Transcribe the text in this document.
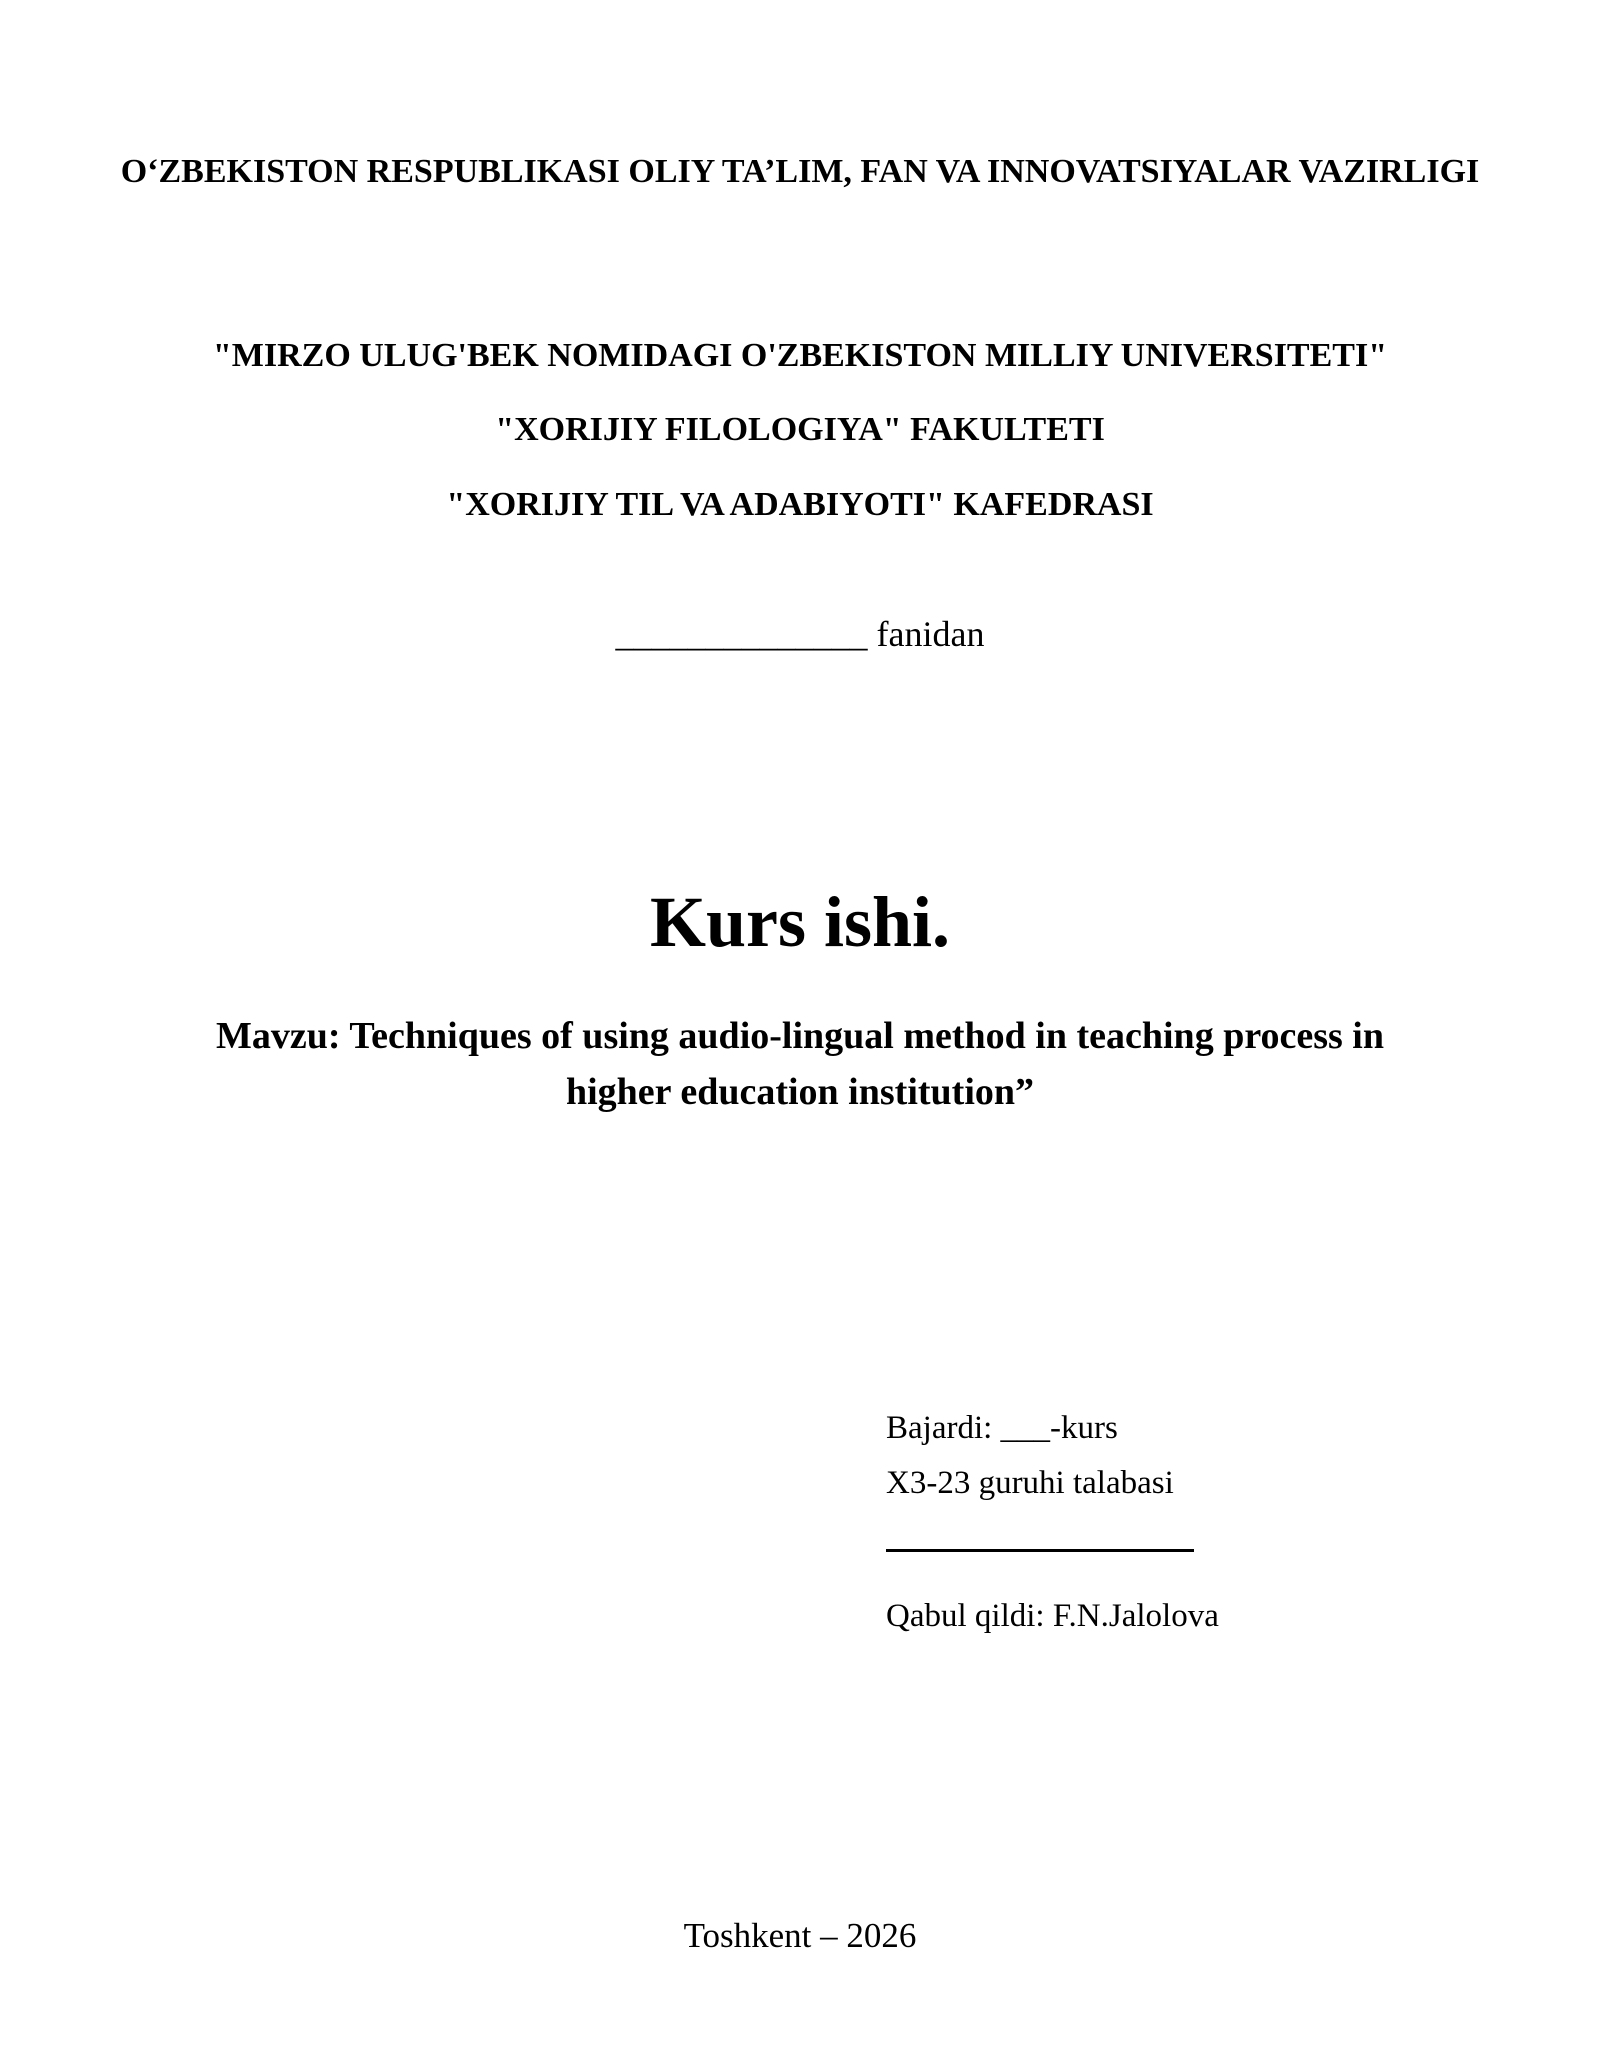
O‘ZBEKISTON RESPUBLIKASI OLIY TA’LIM, FAN VA INNOVATSIYALAR VAZIRLIGI
"MIRZO ULUG'BEK NOMIDAGI O'ZBEKISTON MILLIY UNIVERSITETI"
"XORIJIY FILOLOGIYA" FAKULTETI
"XORIJIY TIL VA ADABIYOTI" KAFEDRASI
______________ fanidan
Kurs ishi.
Mavzu: Techniques of using audio-lingual method in teaching process in higher education institution”
Bajardi: ___-kurs
X3-23 guruhi talabasi
Qabul qildi: F.N.Jalolova
Toshkent – 2026
